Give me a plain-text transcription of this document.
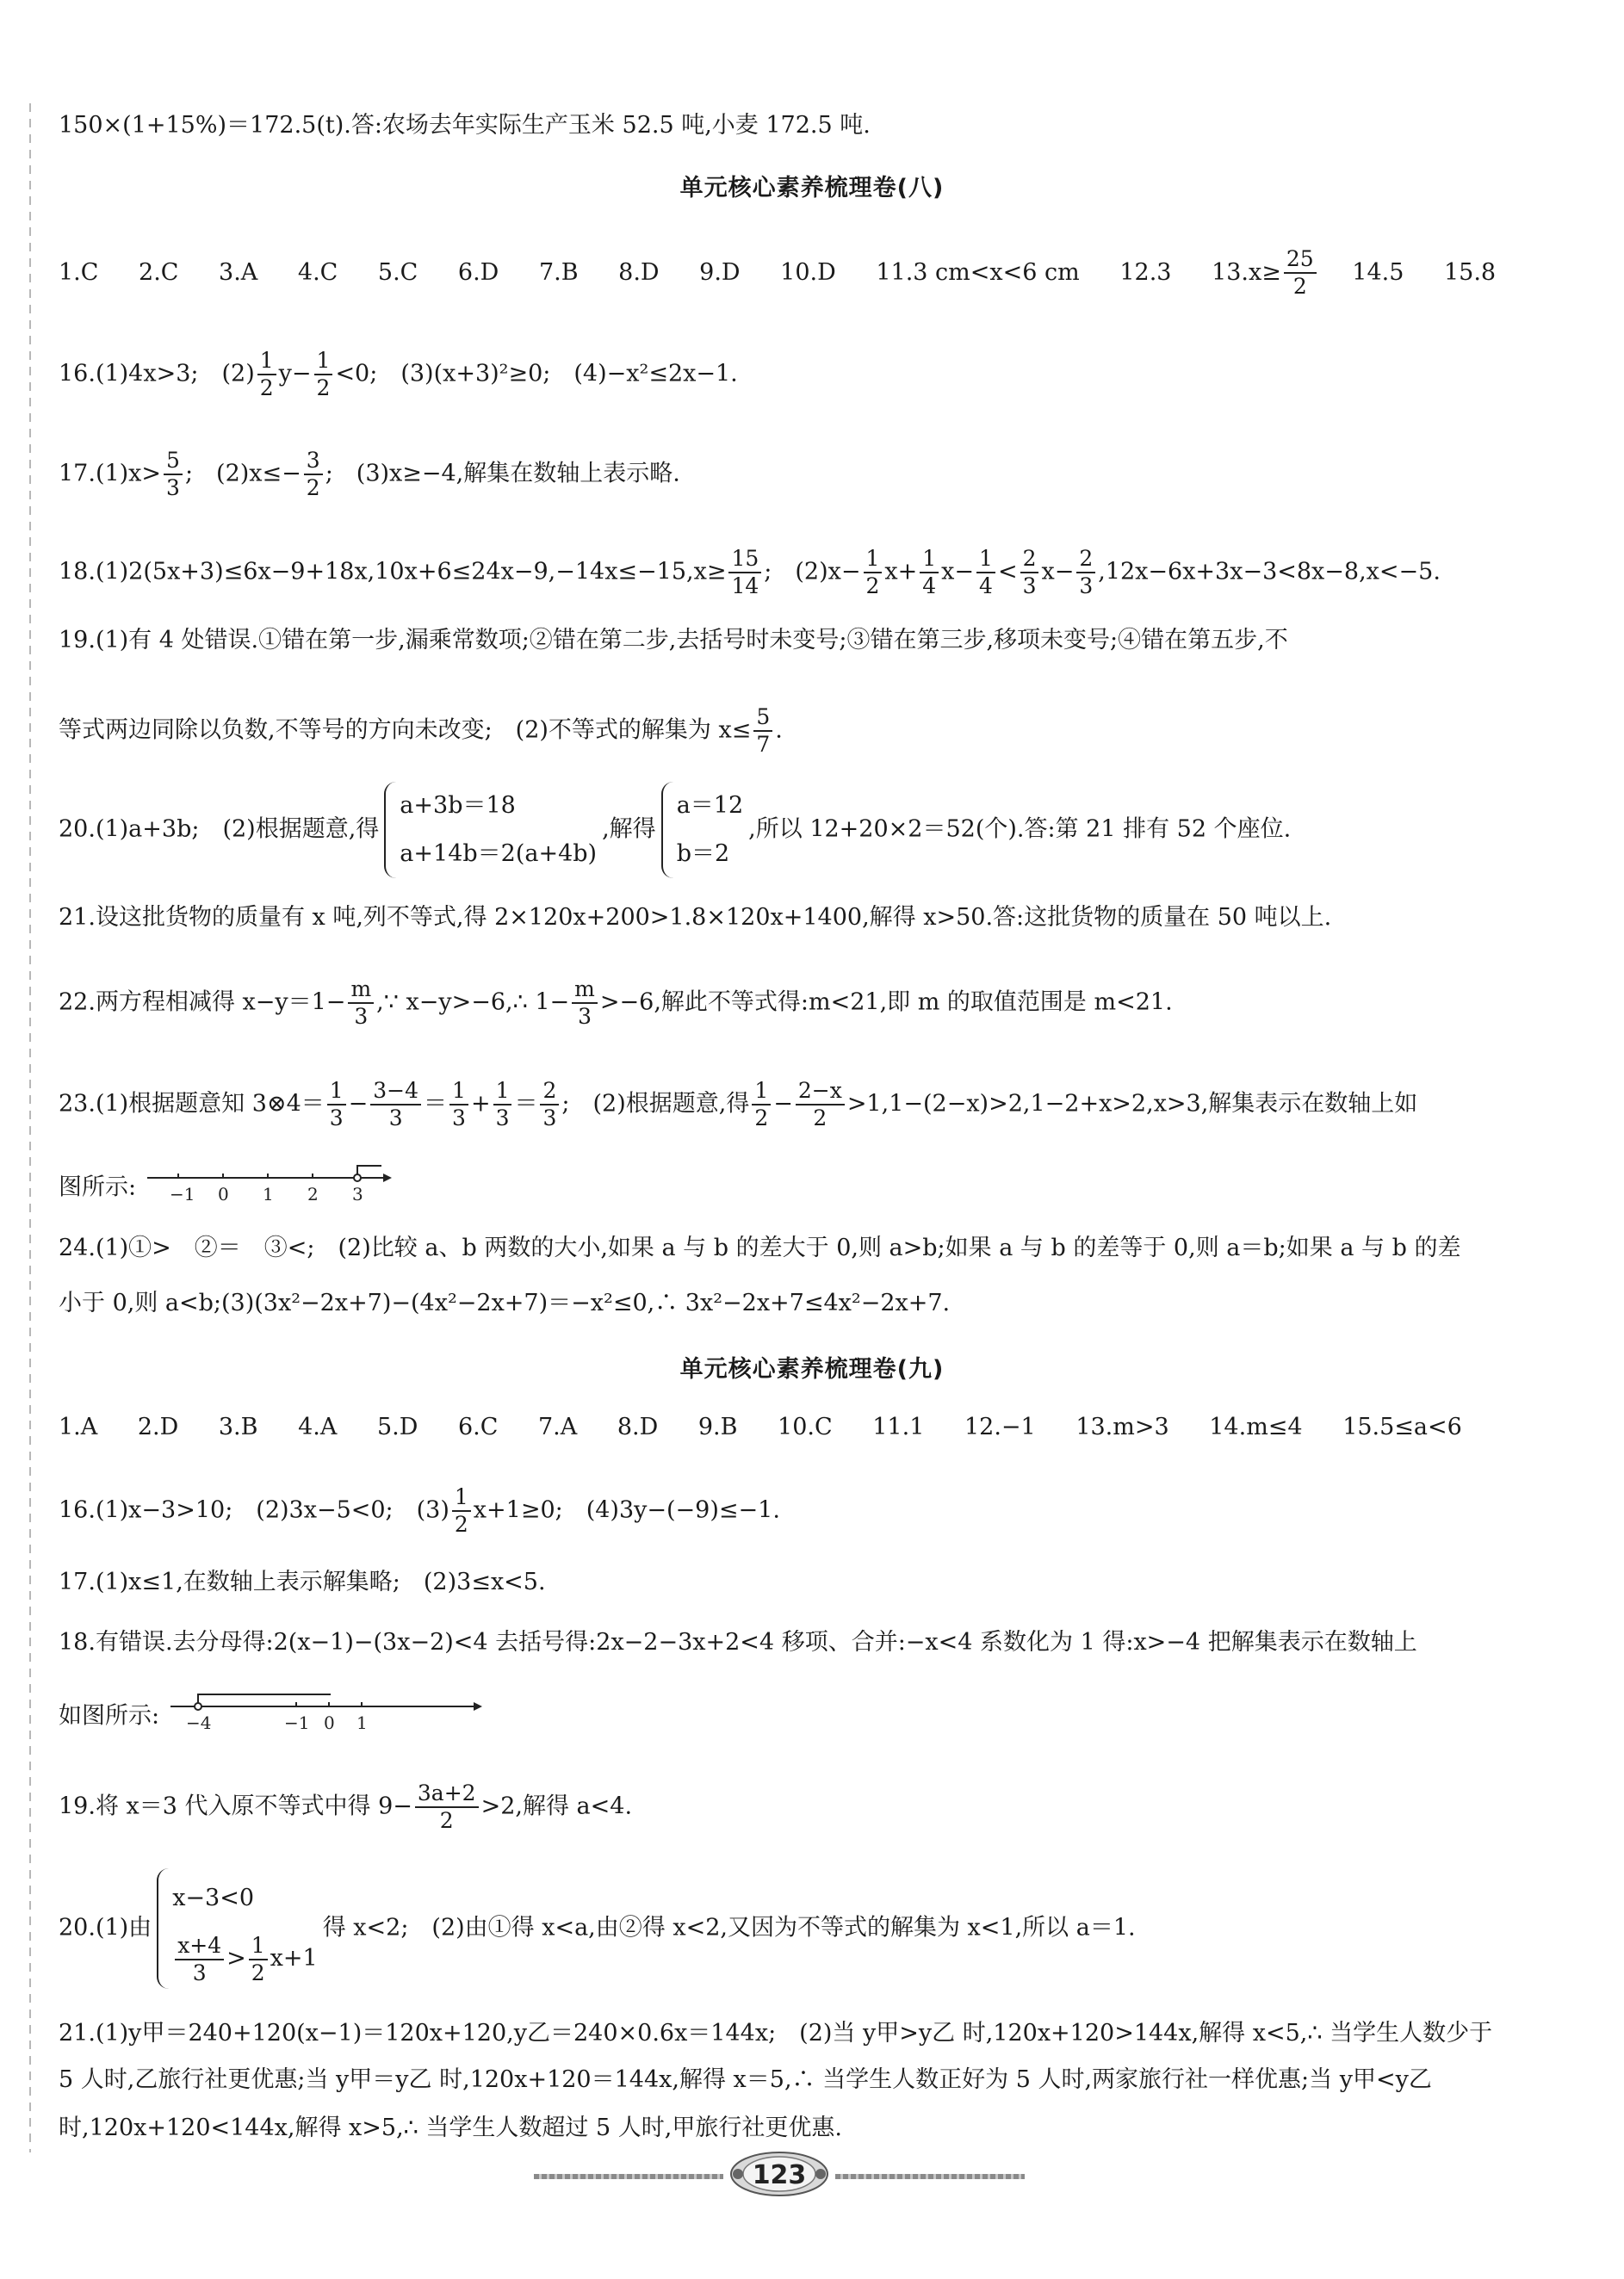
150×(1+15%)＝172.5(t).答:农场去年实际生产玉米 52.5 吨,小麦 172.5 吨.
单元核心素养梳理卷(八)
1.C 2.C 3.A 4.C 5.C 6.D 7.B 8.D 9.D 10.D 11.3 cm<x<6 cm 12.3 $13.x\ge \frac{25}{2} 14.5$ 15.8
16.(1)4x>3;　$(2) \frac{1}{2} y- \frac{1}{2} <0$;　(3)(x+3)²≥0;　(4)−x²≤2x−1.
$17.(1)x> \frac{5}{3}$ ;　$(2)x\le- \frac{3}{2}$ ;　(3)x≥−4,解集在数轴上表示略.
$18.(1)2(5x+3)\le 6x-9+18x,10x+6\le 24x-9,-14x\le-15,x\ge \frac{15}{14}$ ;　$(2)x- \frac{1}{2} x+ \frac{1}{4} x- \frac{1}{4} < \frac{2}{3} x- \frac{2}{3} ,12x-6x+3x-3<8x-8,x<-5$.
19.(1)有 4 处错误.①错在第一步,漏乘常数项;②错在第二步,去括号时未变号;③错在第三步,移项未变号;④错在第五步,不
等式两边同除以负数,不等号的方向未改变;　(2)不等式的解集为 $x\le \frac{5}{7}$ .
20.(1)a+3b;　(2)根据题意,得
a+3b＝18
a+14b＝2(a+4b)
,解得
a＝12
b＝2
,所以 12+20×2＝52(个).答:第 21 排有 52 个座位.
21.设这批货物的质量有 x 吨,列不等式,得 2×120x+200>1.8×120x+1400,解得 x>50.答:这批货物的质量在 50 吨以上.
22.两方程相减得 $x-y=1- \frac{m}{3}$ ,∵ x−y>−6,∴ $1- \frac{m}{3} >-6$,解此不等式得:m<21,即 m 的取值范围是 m<21.
23.(1)根据题意知 3⊗4＝ $\frac{1}{3} - \frac{3-4}{3} = \frac{1}{3} + \frac{1}{3} = \frac{2}{3}$ ;　(2)根据题意,得 $\frac{1}{2} - \frac{2-x}{2} >1,1-(2-x)>2,1-2+x>2,x>3$,解集表示在数轴上如
图所示: −1 0 1 2 3
24.(1)①>　②＝　③<;　(2)比较 a、b 两数的大小,如果 a 与 b 的差大于 0,则 a>b;如果 a 与 b 的差等于 0,则 a＝b;如果 a 与 b 的差
小于 0,则 a<b;(3)(3x²−2x+7)−(4x²−2x+7)＝−x²≤0,∴ 3x²−2x+7≤4x²−2x+7.
单元核心素养梳理卷(九)
1.A 2.D 3.B 4.A 5.D 6.C 7.A 8.D 9.B 10.C 11.1 12.−1 13.m>3 14.m≤4 15.5≤a<6
16.(1)x−3>10;　(2)3x−5<0;　$(3) \frac{1}{2} x+1\ge 0$;　(4)3y−(−9)≤−1.
17.(1)x≤1,在数轴上表示解集略;　(2)3≤x<5.
18.有错误.去分母得:2(x−1)−(3x−2)<4 去括号得:2x−2−3x+2<4 移项、合并:−x<4 系数化为 1 得:x>−4 把解集表示在数轴上
如图所示: −4	−1 0 1
19.将 x＝3 代入原不等式中得 $9- \frac{3a+2}{2} >2$,解得 a<4.
20.(1)由
x−3<0
$\frac{x+4}{3} > \frac{1}{2} x+1$
得 x<2;　(2)由①得 x<a,由②得 x<2,又因为不等式的解集为 x<1,所以 a＝1.
21.(1)y甲＝240+120(x−1)＝120x+120,y乙＝240×0.6x＝144x;　(2)当 y甲>y乙 时,120x+120>144x,解得 x<5,∴ 当学生人数少于
5 人时,乙旅行社更优惠;当 y甲＝y乙 时,120x+120＝144x,解得 x＝5,∴ 当学生人数正好为 5 人时,两家旅行社一样优惠;当 y甲<y乙
时,120x+120<144x,解得 x>5,∴ 当学生人数超过 5 人时,甲旅行社更优惠.
123
